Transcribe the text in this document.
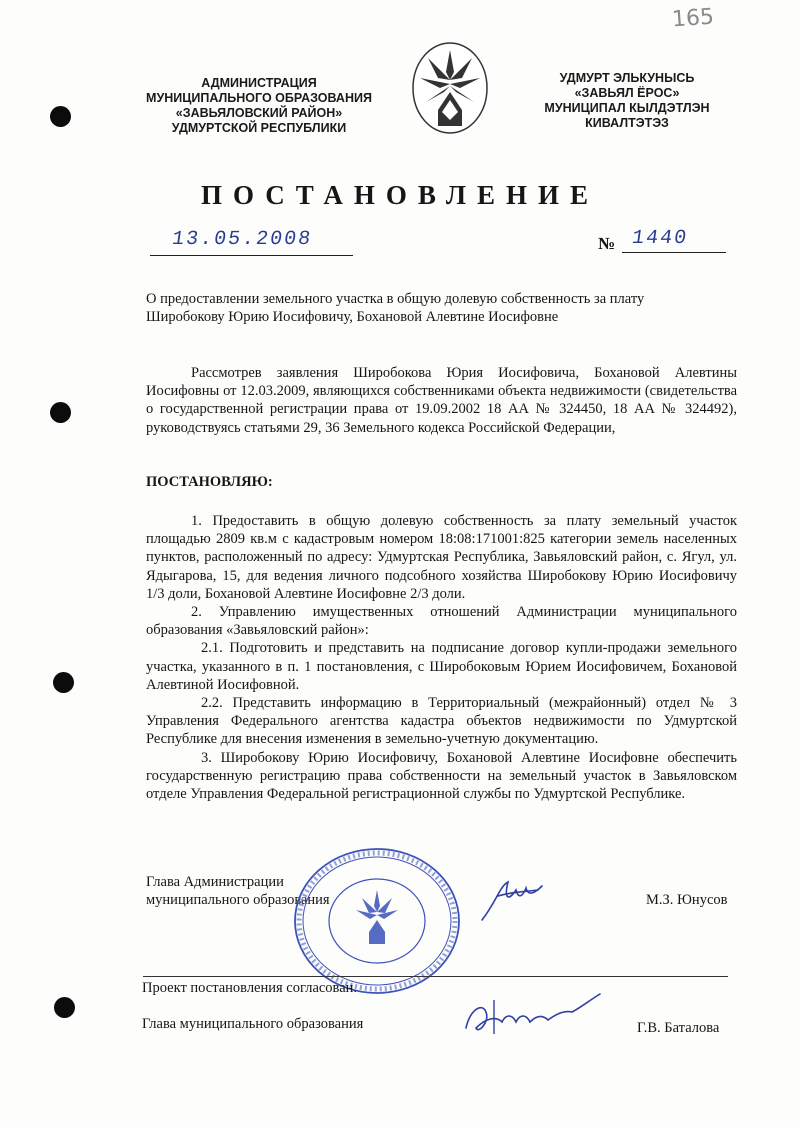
165
АДМИНИСТРАЦИЯ
МУНИЦИПАЛЬНОГО ОБРАЗОВАНИЯ
«ЗАВЬЯЛОВСКИЙ РАЙОН»
УДМУРТСКОЙ РЕСПУБЛИКИ
УДМУРТ ЭЛЬКУНЫСЬ
«ЗАВЬЯЛ ЁРОС»
МУНИЦИПАЛ КЫЛДЭТЛЭН
КИВАЛТЭТЭЗ
ПОСТАНОВЛЕНИЕ
13.05.2008	№ 1440
О предоставлении земельного участка в общую долевую собственность за плату
Широбокову Юрию Иосифовичу, Бохановой Алевтине Иосифовне

Рассмотрев заявления Широбокова Юрия Иосифовича, Бохановой Алевтины Иосифовны от 12.03.2009, являющихся собственниками объекта недвижимости (свидетельства о государственной регистрации права от 19.09.2002 18 АА № 324450, 18 АА № 324492), руководствуясь статьями 29, 36 Земельного кодекса Российской Федерации,

ПОСТАНОВЛЯЮ:

1. Предоставить в общую долевую собственность за плату земельный участок площадью 2809 кв.м с кадастровым номером 18:08:171001:825 категории земель населенных пунктов, расположенный по адресу: Удмуртская Республика, Завьяловский район, с. Ягул, ул. Ядыгарова, 15, для ведения личного подсобного хозяйства Широбокову Юрию Иосифовичу 1/3 доли, Бохановой Алевтине Иосифовне 2/3 доли.

2. Управлению имущественных отношений Администрации муниципального образования «Завьяловский район»:

2.1. Подготовить и представить на подписание договор купли-продажи земельного участка, указанного в п. 1 постановления, с Широбоковым Юрием Иосифовичем, Бохановой Алевтиной Иосифовной.

2.2. Представить информацию в Территориальный (межрайонный) отдел № 3 Управления Федерального агентства кадастра объектов недвижимости по Удмуртской Республике для внесения изменения в земельно-учетную документацию.

3. Широбокову Юрию Иосифовичу, Бохановой Алевтине Иосифовне обеспечить государственную регистрацию права собственности на земельный участок в Завьяловском отделе Управления Федеральной регистрационной службы по Удмуртской Республике.

Глава Администрации
муниципального образования	М.З. Юнусов
Проект постановления согласован.
Глава муниципального образования	Г.В. Баталова
